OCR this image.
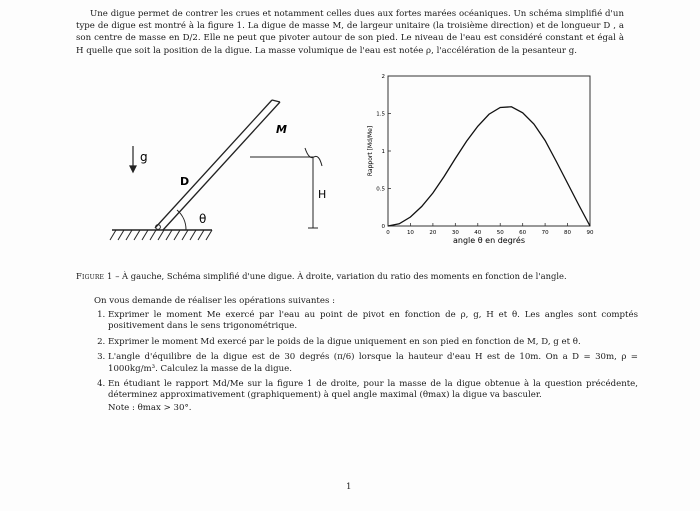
Une digue permet de contrer les crues et notamment celles dues aux fortes marées océaniques. Un schéma simplifié d'un type de digue est montré à la figure 1. La digue de masse M, de largeur unitaire (la troisième direction) et de longueur D , a son centre de masse en D/2. Elle ne peut que pivoter autour de son pied. Le niveau de l'eau est considéré constant et égal à H quelle que soit la position de la digue. La masse volumique de l'eau est notée ρ, l'accélération de la pesanteur g.

θ
D
M
g
H
0	10	20	30	40	50	60	70	80	90
0
0.5
1
1.5
2
angle θ en degrés
Rapport [Md/Me]
Figure 1 – À gauche, Schéma simplifié d'une digue. À droite, variation du ratio des moments en fonction de l'angle.
On vous demande de réaliser les opérations suivantes :
1. Exprimer le moment Me exercé par l'eau au point de pivot en fonction de ρ, g, H et θ. Les angles sont comptés positivement dans le sens trigonométrique.
2. Exprimer le moment Md exercé par le poids de la digue uniquement en son pied en fonction de M, D, g et θ.
3. L'angle d'équilibre de la digue est de 30 degrés (π/6) lorsque la hauteur d'eau H est de 10m. On a D = 30m, ρ = 1000kg/m³. Calculez la masse de la digue.
4. En étudiant le rapport Md/Me sur la figure 1 de droite, pour la masse de la digue obtenue à la question précédente, déterminez approximativement (graphiquement) à quel angle maximal (θmax) la digue va basculer.
Note : θmax > 30°.
1
